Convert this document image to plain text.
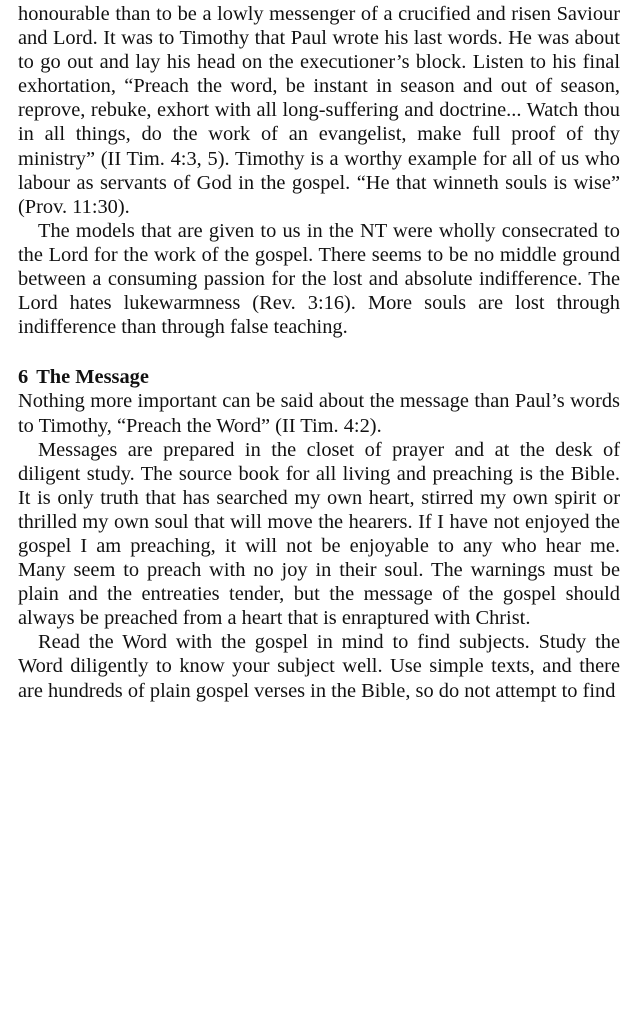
honourable than to be a lowly messenger of a crucified and risen Saviour and Lord. It was to Timothy that Paul wrote his last words. He was about to go out and lay his head on the executioner’s block. Listen to his final exhortation, “Preach the word, be instant in season and out of season, reprove, rebuke, exhort with all long-suffering and doctrine... Watch thou in all things, do the work of an evangelist, make full proof of thy ministry” (II Tim. 4:3, 5). Timothy is a worthy example for all of us who labour as servants of God in the gospel. “He that winneth souls is wise” (Prov. 11:30).

The models that are given to us in the NT were wholly consecrated to the Lord for the work of the gospel. There seems to be no middle ground between a consuming passion for the lost and absolute indifference. The Lord hates lukewarmness (Rev. 3:16). More souls are lost through indifference than through false teaching.

6 The Message

Nothing more important can be said about the message than Paul’s words to Timothy, “Preach the Word” (II Tim. 4:2).

Messages are prepared in the closet of prayer and at the desk of diligent study. The source book for all living and preaching is the Bible. It is only truth that has searched my own heart, stirred my own spirit or thrilled my own soul that will move the hearers. If I have not enjoyed the gospel I am preaching, it will not be enjoyable to any who hear me. Many seem to preach with no joy in their soul. The warnings must be plain and the entreaties tender, but the message of the gospel should always be preached from a heart that is enraptured with Christ.

Read the Word with the gospel in mind to find subjects. Study the Word diligently to know your subject well. Use simple texts, and there are hundreds of plain gospel verses in the Bible, so do not attempt to find
